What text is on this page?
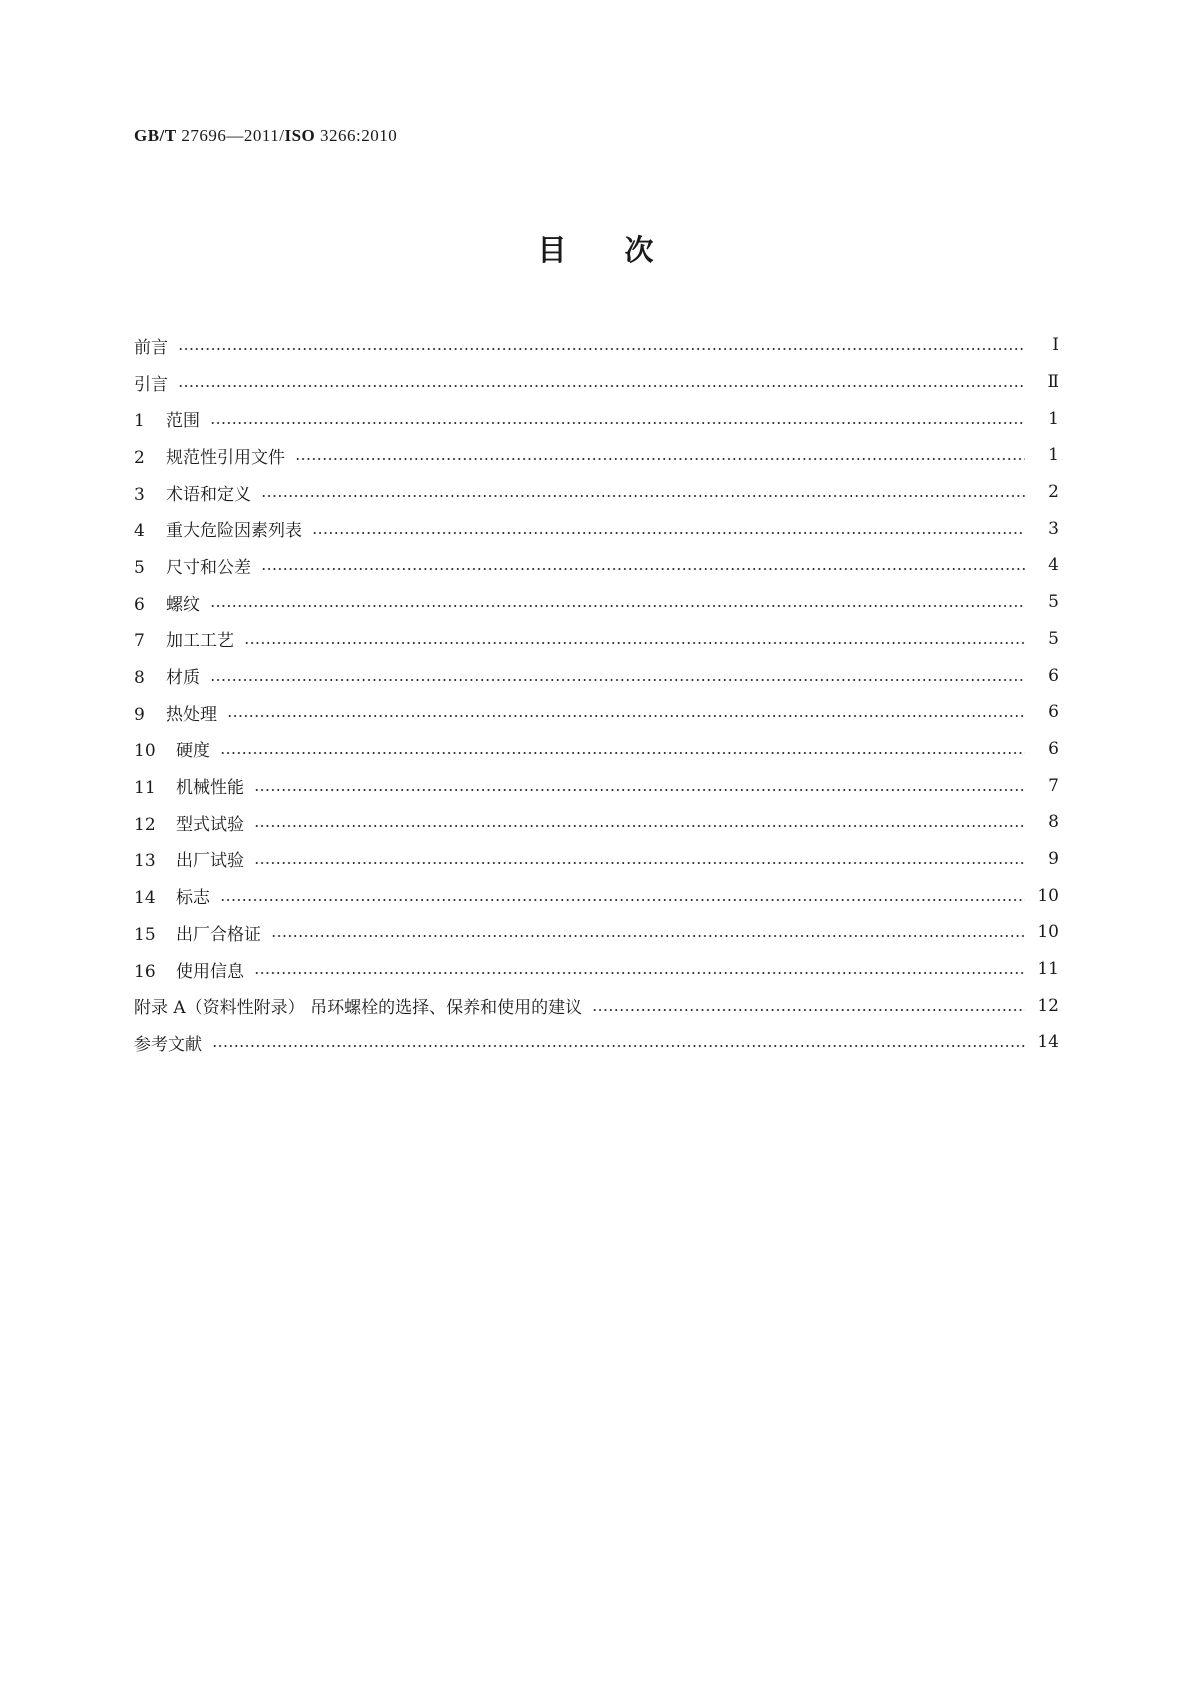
GB/T 27696—2011/ISO 3266:2010
目次
前言	Ⅰ
引言	Ⅱ
1 范围	1
2 规范性引用文件	1
3 术语和定义	2
4 重大危险因素列表	3
5 尺寸和公差	4
6 螺纹	5
7 加工工艺	5
8 材质	6
9 热处理	6
10 硬度	6
11 机械性能	7
12 型式试验	8
13 出厂试验	9
14 标志	10
15 出厂合格证	10
16 使用信息	11
附录 A（资料性附录） 吊环螺栓的选择、保养和使用的建议	12
参考文献	14
